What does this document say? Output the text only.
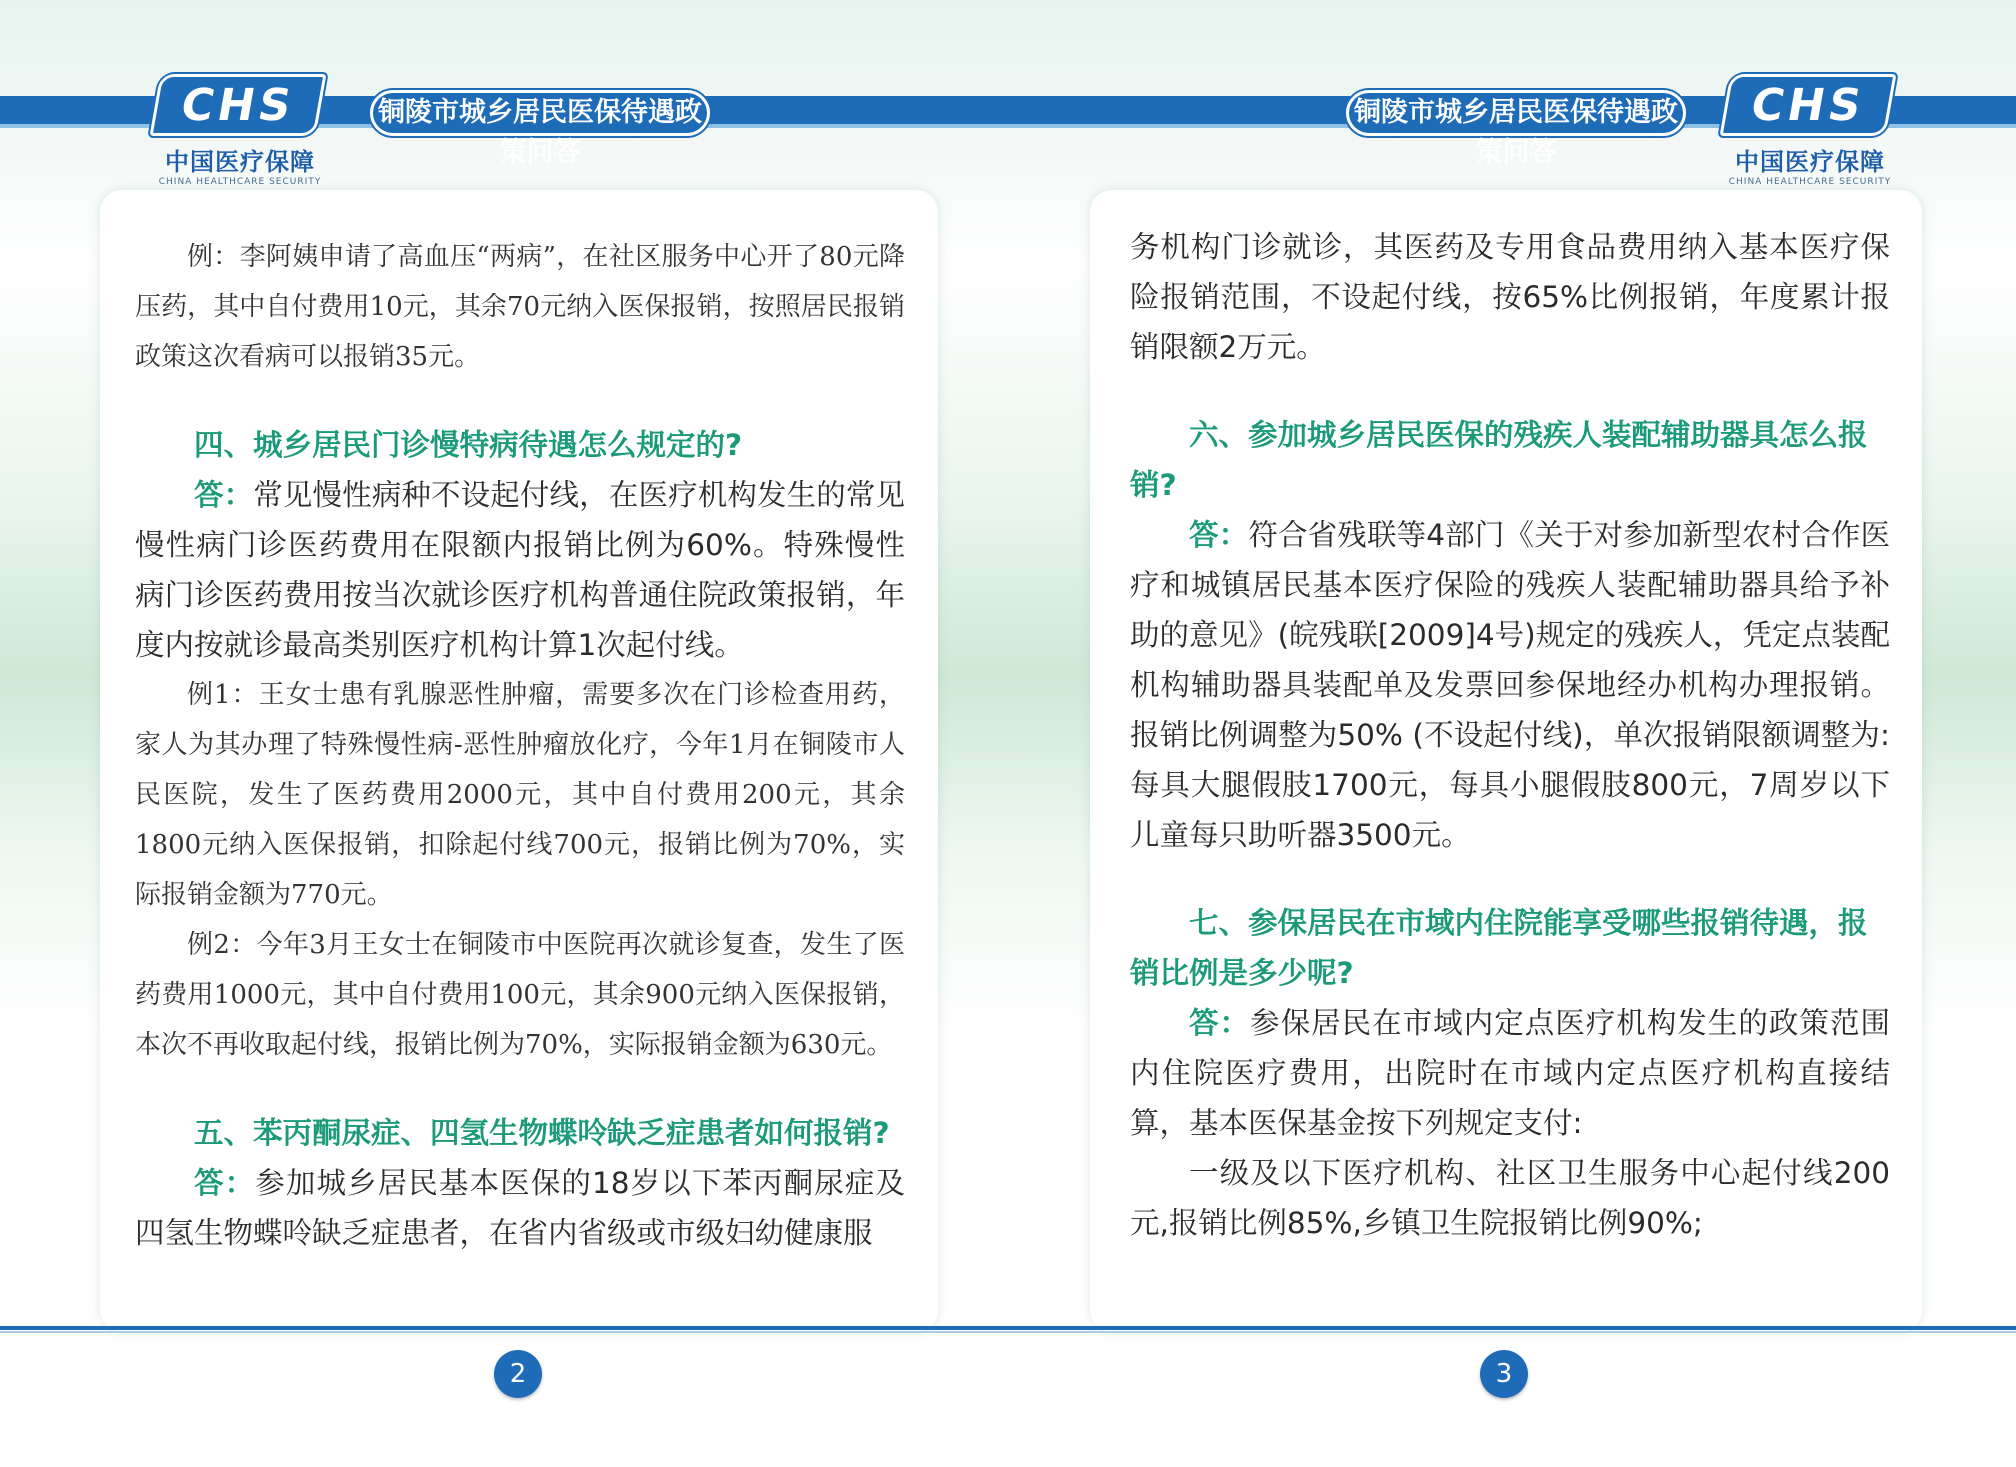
CHS
中国医疗保障
CHINA HEALTHCARE SECURITY
铜陵市城乡居民医保待遇政策问答
铜陵市城乡居民医保待遇政策问答
CHS
中国医疗保障
CHINA HEALTHCARE SECURITY

例：李阿姨申请了高血压“两病”，在社区服务中心开了80元降压药，其中自付费用10元，其余70元纳入医保报销，按照居民报销政策这次看病可以报销35元。

四、城乡居民门诊慢特病待遇怎么规定的?

答：常见慢性病种不设起付线，在医疗机构发生的常见慢性病门诊医药费用在限额内报销比例为60%。特殊慢性病门诊医药费用按当次就诊医疗机构普通住院政策报销，年度内按就诊最高类别医疗机构计算1次起付线。

例1：王女士患有乳腺恶性肿瘤，需要多次在门诊检查用药，家人为其办理了特殊慢性病-恶性肿瘤放化疗，今年1月在铜陵市人民医院，发生了医药费用2000元，其中自付费用200元，其余1800元纳入医保报销，扣除起付线700元，报销比例为70%，实际报销金额为770元。

例2：今年3月王女士在铜陵市中医院再次就诊复查，发生了医药费用1000元，其中自付费用100元，其余900元纳入医保报销，本次不再收取起付线，报销比例为70%，实际报销金额为630元。

五、苯丙酮尿症、四氢生物蝶呤缺乏症患者如何报销?

答：参加城乡居民基本医保的18岁以下苯丙酮尿症及四氢生物蝶呤缺乏症患者，在省内省级或市级妇幼健康服

务机构门诊就诊，其医药及专用食品费用纳入基本医疗保险报销范围，不设起付线，按65%比例报销，年度累计报销限额2万元。

六、参加城乡居民医保的残疾人装配辅助器具怎么报销?

答：符合省残联等4部门《关于对参加新型农村合作医疗和城镇居民基本医疗保险的残疾人装配辅助器具给予补助的意见》(皖残联[2009]4号)规定的残疾人，凭定点装配机构辅助器具装配单及发票回参保地经办机构办理报销。报销比例调整为50% (不设起付线)，单次报销限额调整为:每具大腿假肢1700元，每具小腿假肢800元，7周岁以下儿童每只助听器3500元。

七、参保居民在市域内住院能享受哪些报销待遇，报销比例是多少呢?

答：参保居民在市域内定点医疗机构发生的政策范围内住院医疗费用，出院时在市域内定点医疗机构直接结算，基本医保基金按下列规定支付:

一级及以下医疗机构、社区卫生服务中心起付线200元,报销比例85%,乡镇卫生院报销比例90%;

2	3
